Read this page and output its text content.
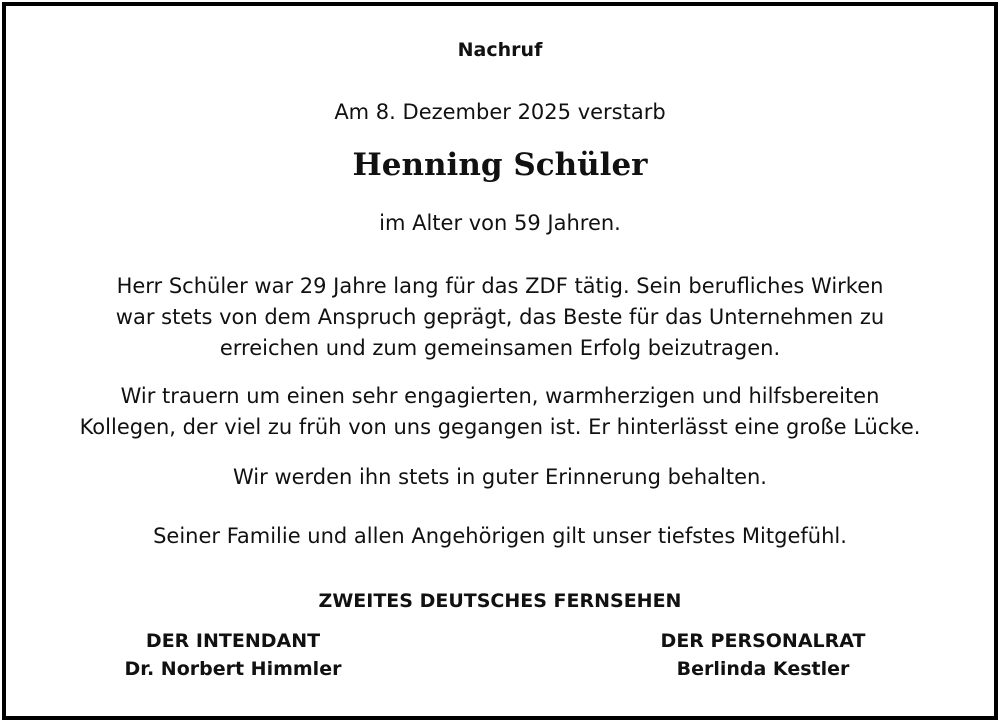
Nachruf
Am 8. Dezember 2025 verstarb
Henning Schüler
im Alter von 59 Jahren.
Herr Schüler war 29 Jahre lang für das ZDF tätig. Sein berufliches Wirken
war stets von dem Anspruch geprägt, das Beste für das Unternehmen zu
erreichen und zum gemeinsamen Erfolg beizutragen.
Wir trauern um einen sehr engagierten, warmherzigen und hilfsbereiten
Kollegen, der viel zu früh von uns gegangen ist. Er hinterlässt eine große Lücke.
Wir werden ihn stets in guter Erinnerung behalten.
Seiner Familie und allen Angehörigen gilt unser tiefstes Mitgefühl.
ZWEITES DEUTSCHES FERNSEHEN
DER INTENDANT
Dr. Norbert Himmler
DER PERSONALRAT
Berlinda Kestler
